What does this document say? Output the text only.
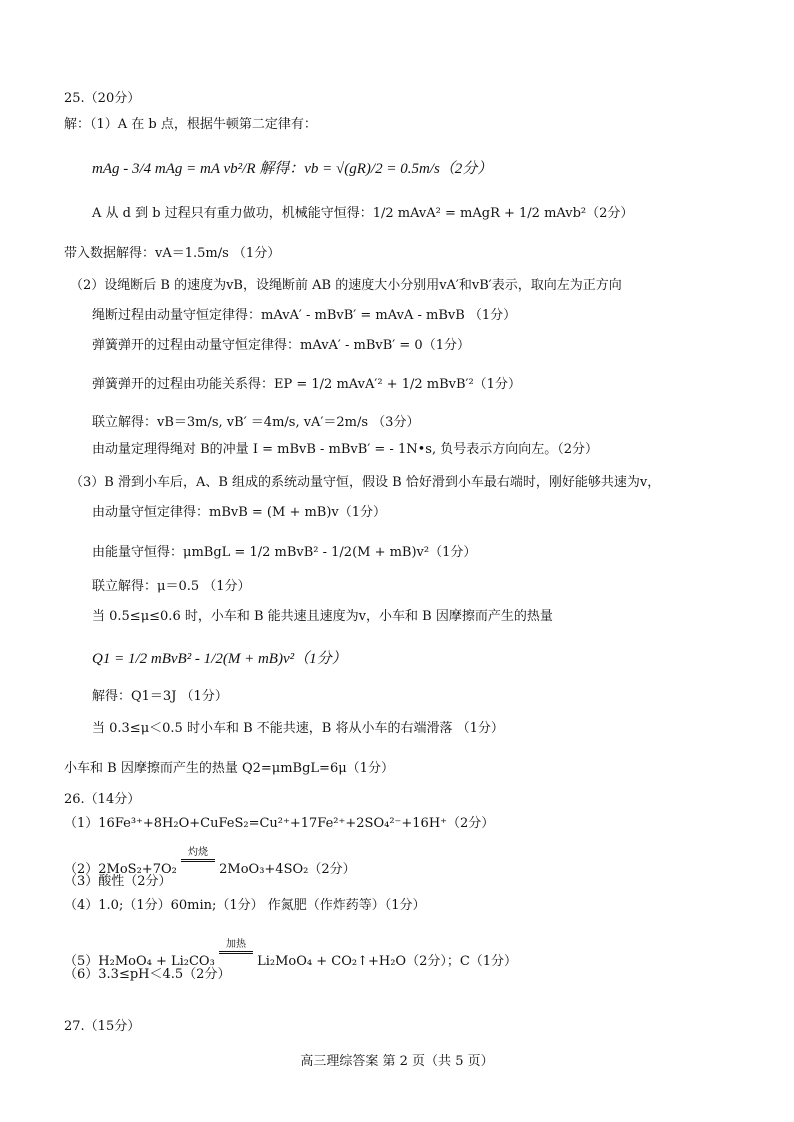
25.（20分）
解：（1）A 在 b 点，根据牛顿第二定律有：
mAg - 3/4 mAg = mA vb²/R 解得：vb = √(gR)/2 = 0.5m/s（2分）
A 从 d 到 b 过程只有重力做功，机械能守恒得：1/2 mAvA² = mAgR + 1/2 mAvb²（2分）
带入数据解得：vA＝1.5m/s （1分）
（2）设绳断后 B 的速度为vB，设绳断前 AB 的速度大小分别用vA′和vB′表示，取向左为正方向
绳断过程由动量守恒定律得：mAvA′ - mBvB′ = mAvA - mBvB （1分）
弹簧弹开的过程由动量守恒定律得：mAvA′ - mBvB′ = 0（1分）
弹簧弹开的过程由功能关系得：EP = 1/2 mAvA′² + 1/2 mBvB′²（1分）
联立解得：vB＝3m/s, vB′ ＝4m/s, vA′＝2m/s （3分）
由动量定理得绳对 B的冲量 I = mBvB - mBvB′ = - 1N•s, 负号表示方向向左。（2分）
（3）B 滑到小车后，A、B 组成的系统动量守恒，假设 B 恰好滑到小车最右端时，刚好能够共速为v，
由动量守恒定律得：mBvB = (M + mB)v（1分）
由能量守恒得：μmBgL = 1/2 mBvB² - 1/2(M + mB)v²（1分）
联立解得：μ＝0.5 （1分）
当 0.5≤μ≤0.6 时，小车和 B 能共速且速度为v，小车和 B 因摩擦而产生的热量
Q1 = 1/2 mBvB² - 1/2(M + mB)v²（1分）
解得：Q1＝3J （1分）
当 0.3≤μ＜0.5 时小车和 B 不能共速，B 将从小车的右端滑落 （1分）
小车和 B 因摩擦而产生的热量 Q2=μmBgL=6μ（1分）
26.（14分）
（1）16Fe³⁺+8H₂O+CuFeS₂=Cu²⁺+17Fe²⁺+2SO₄²⁻+16H⁺（2分）
（2）2MoS₂+7O₂
灼烧

2MoO₃+4SO₂（2分）
（3）酸性（2分）
（4）1.0;（1分）60min;（1分） 作氮肥（作炸药等）（1分）
（5）H₂MoO₄ + Li₂CO₃
加热

Li₂MoO₄ + CO₂↑+H₂O（2分）；C（1分）
（6）3.3≤pH＜4.5（2分）
27.（15分）
高三理综答案 第 2 页（共 5 页）
